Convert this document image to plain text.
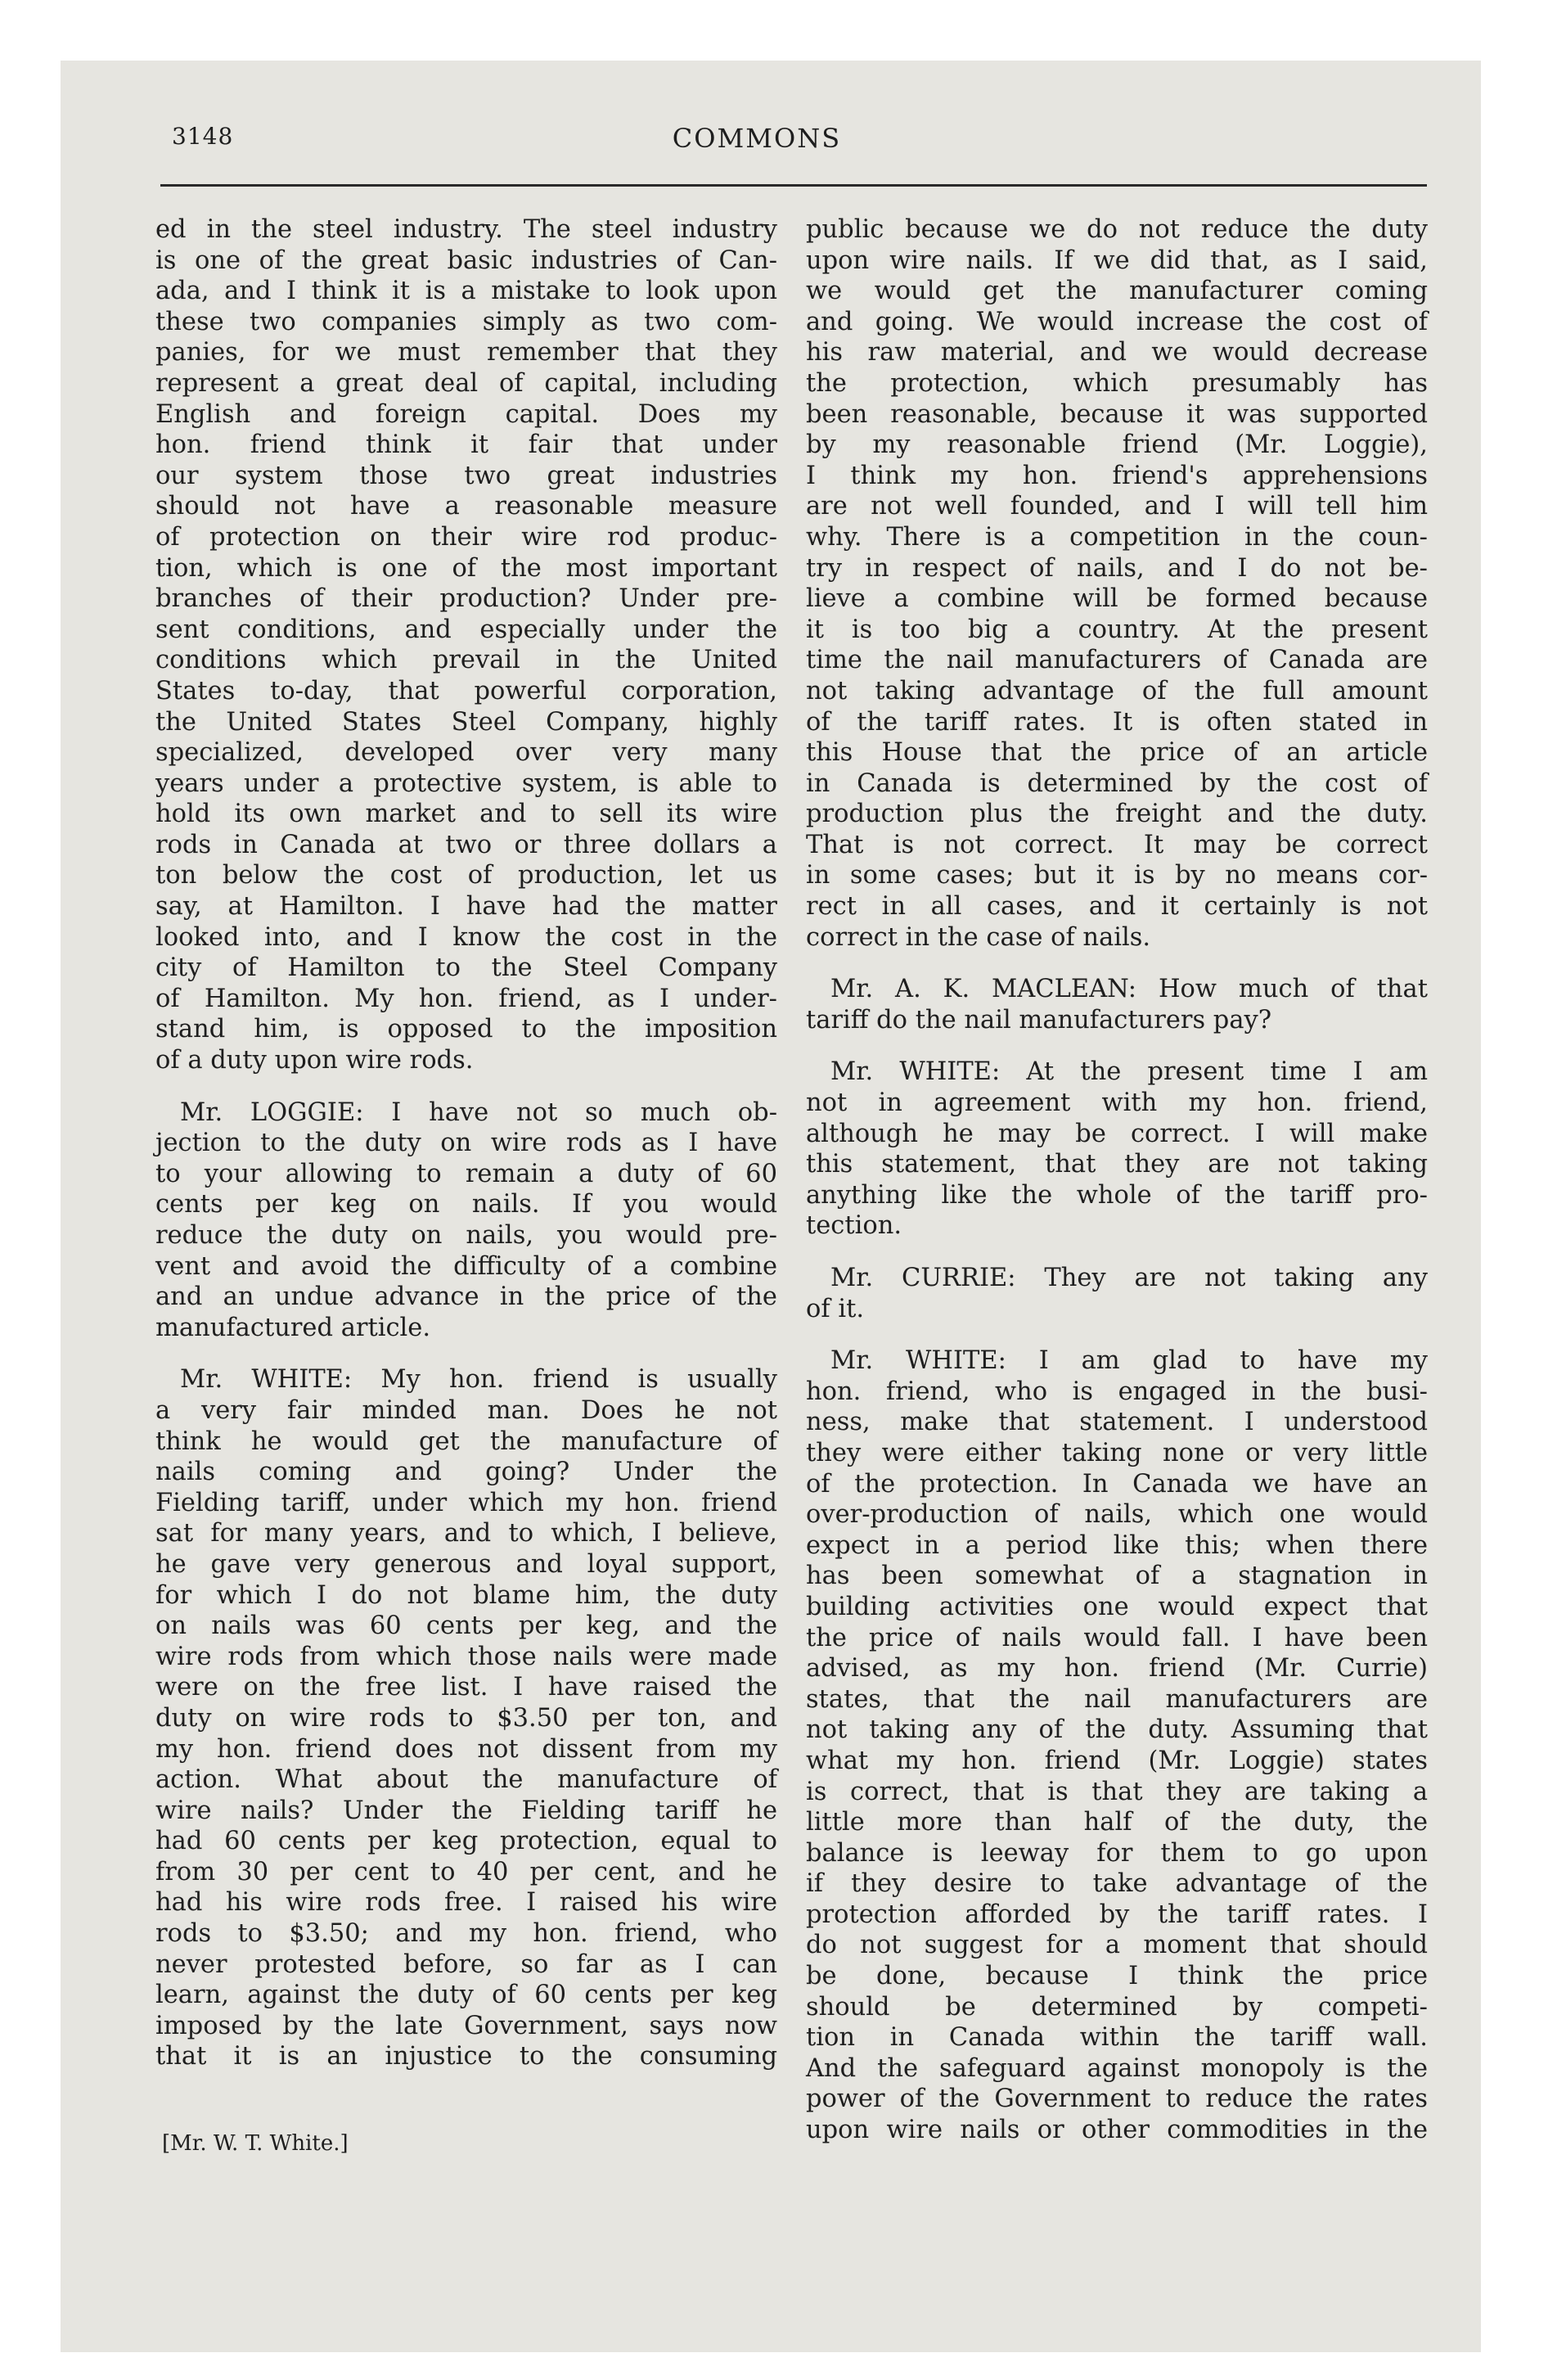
3148	COMMONS
ed in the steel industry. The steel industry
is one of the great basic industries of Can-
ada, and I think it is a mistake to look upon
these two companies simply as two com-
panies, for we must remember that they
represent a great deal of capital, including
English and foreign capital. Does my
hon. friend think it fair that under
our system those two great industries
should not have a reasonable measure
of protection on their wire rod produc-
tion, which is one of the most important
branches of their production? Under pre-
sent conditions, and especially under the
conditions which prevail in the United
States to-day, that powerful corporation,
the United States Steel Company, highly
specialized, developed over very many
years under a protective system, is able to
hold its own market and to sell its wire
rods in Canada at two or three dollars a
ton below the cost of production, let us
say, at Hamilton. I have had the matter
looked into, and I know the cost in the
city of Hamilton to the Steel Company
of Hamilton. My hon. friend, as I under-
stand him, is opposed to the imposition
of a duty upon wire rods.
Mr. LOGGIE: I have not so much ob-
jection to the duty on wire rods as I have
to your allowing to remain a duty of 60
cents per keg on nails. If you would
reduce the duty on nails, you would pre-
vent and avoid the difficulty of a combine
and an undue advance in the price of the
manufactured article.
Mr. WHITE: My hon. friend is usually
a very fair minded man. Does he not
think he would get the manufacture of
nails coming and going? Under the
Fielding tariff, under which my hon. friend
sat for many years, and to which, I believe,
he gave very generous and loyal support,
for which I do not blame him, the duty
on nails was 60 cents per keg, and the
wire rods from which those nails were made
were on the free list. I have raised the
duty on wire rods to $3.50 per ton, and
my hon. friend does not dissent from my
action. What about the manufacture of
wire nails? Under the Fielding tariff he
had 60 cents per keg protection, equal to
from 30 per cent to 40 per cent, and he
had his wire rods free. I raised his wire
rods to $3.50; and my hon. friend, who
never protested before, so far as I can
learn, against the duty of 60 cents per keg
imposed by the late Government, says now
that it is an injustice to the consuming
public because we do not reduce the duty
upon wire nails. If we did that, as I said,
we would get the manufacturer coming
and going. We would increase the cost of
his raw material, and we would decrease
the protection, which presumably has
been reasonable, because it was supported
by my reasonable friend (Mr. Loggie),
I think my hon. friend's apprehensions
are not well founded, and I will tell him
why. There is a competition in the coun-
try in respect of nails, and I do not be-
lieve a combine will be formed because
it is too big a country. At the present
time the nail manufacturers of Canada are
not taking advantage of the full amount
of the tariff rates. It is often stated in
this House that the price of an article
in Canada is determined by the cost of
production plus the freight and the duty.
That is not correct. It may be correct
in some cases; but it is by no means cor-
rect in all cases, and it certainly is not
correct in the case of nails.
Mr. A. K. MACLEAN: How much of that
tariff do the nail manufacturers pay?
Mr. WHITE: At the present time I am
not in agreement with my hon. friend,
although he may be correct. I will make
this statement, that they are not taking
anything like the whole of the tariff pro-
tection.
Mr. CURRIE: They are not taking any
of it.
Mr. WHITE: I am glad to have my
hon. friend, who is engaged in the busi-
ness, make that statement. I understood
they were either taking none or very little
of the protection. In Canada we have an
over-production of nails, which one would
expect in a period like this; when there
has been somewhat of a stagnation in
building activities one would expect that
the price of nails would fall. I have been
advised, as my hon. friend (Mr. Currie)
states, that the nail manufacturers are
not taking any of the duty. Assuming that
what my hon. friend (Mr. Loggie) states
is correct, that is that they are taking a
little more than half of the duty, the
balance is leeway for them to go upon
if they desire to take advantage of the
protection afforded by the tariff rates. I
do not suggest for a moment that should
be done, because I think the price
should be determined by competi-
tion in Canada within the tariff wall.
And the safeguard against monopoly is the
power of the Government to reduce the rates
upon wire nails or other commodities in the
[Mr. W. T. White.]
